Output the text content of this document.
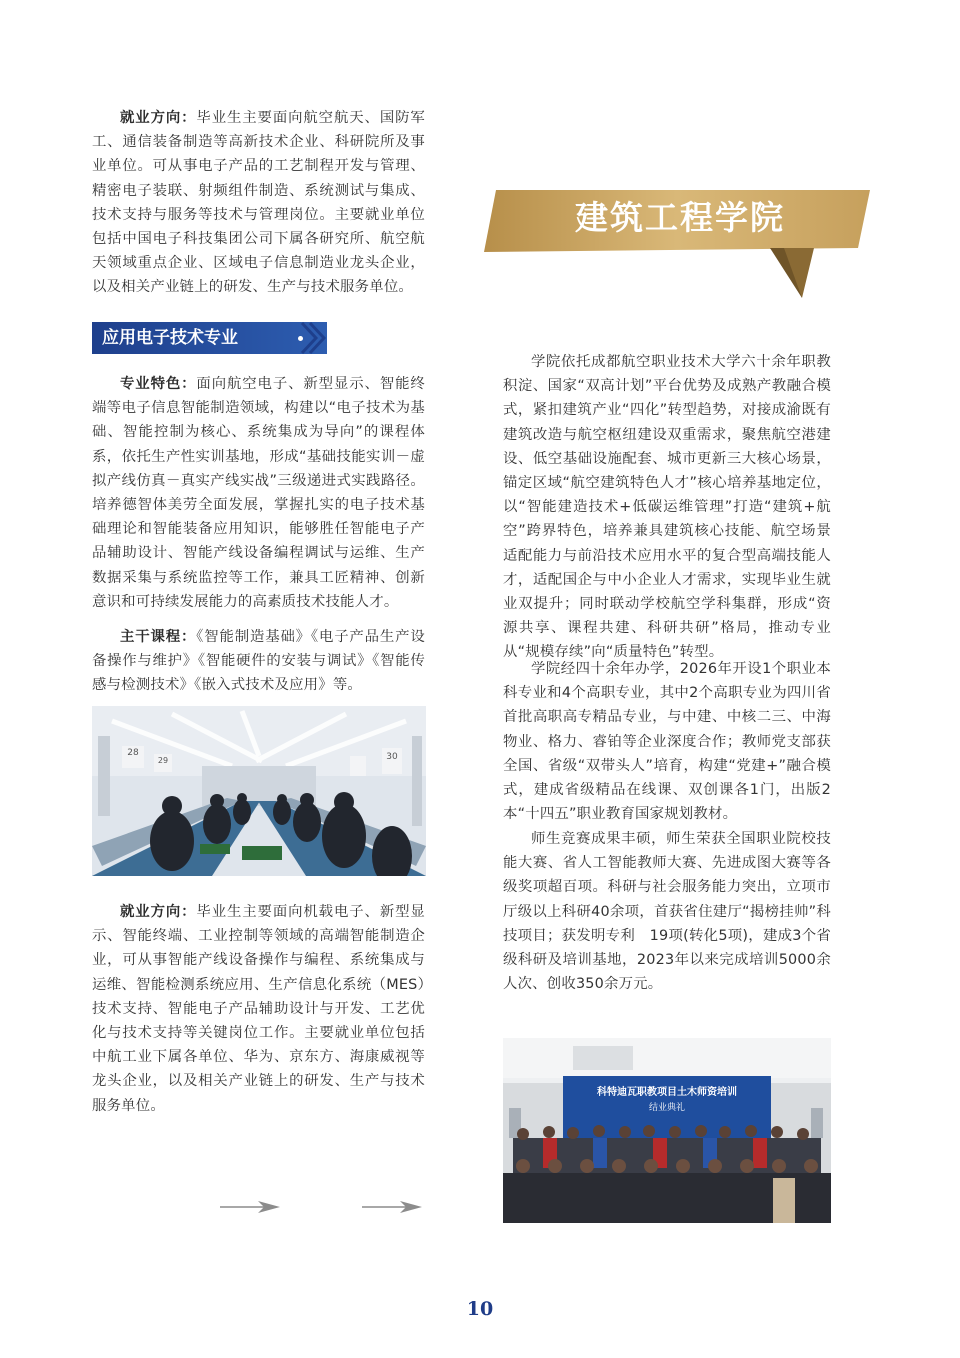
就业方向：毕业生主要面向航空航天、国防军工、通信装备制造等高新技术企业、科研院所及事业单位。可从事电子产品的工艺制程开发与管理、精密电子装联、射频组件制造、系统测试与集成、技术支持与服务等技术与管理岗位。主要就业单位包括中国电子科技集团公司下属各研究所、航空航天领域重点企业、区域电子信息制造业龙头企业，以及相关产业链上的研发、生产与技术服务单位。

应用电子技术专业

专业特色：面向航空电子、新型显示、智能终端等电子信息智能制造领域，构建以“电子技术为基础、智能控制为核心、系统集成为导向”的课程体系，依托生产性实训基地，形成“基础技能实训－虚拟产线仿真－真实产线实战”三级递进式实践路径。培养德智体美劳全面发展，掌握扎实的电子技术基础理论和智能装备应用知识，能够胜任智能电子产品辅助设计、智能产线设备编程调试与运维、生产数据采集与系统监控等工作，兼具工匠精神、创新意识和可持续发展能力的高素质技术技能人才。

主干课程：《智能制造基础》《电子产品生产设备操作与维护》《智能硬件的安装与调试》《智能传感与检测技术》《嵌入式技术及应用》等。

28
29	30

就业方向：毕业生主要面向机载电子、新型显示、智能终端、工业控制等领域的高端智能制造企业，可从事智能产线设备操作与编程、系统集成与运维、智能检测系统应用、生产信息化系统（MES）技术支持、智能电子产品辅助设计与开发、工艺优化与技术支持等关键岗位工作。主要就业单位包括中航工业下属各单位、华为、京东方、海康威视等龙头企业，以及相关产业链上的研发、生产与技术服务单位。

建筑工程学院

学院依托成都航空职业技术大学六十余年职教积淀、国家“双高计划”平台优势及成熟产教融合模式，紧扣建筑产业“四化”转型趋势，对接成渝既有建筑改造与航空枢纽建设双重需求，聚焦航空港建设、低空基础设施配套、城市更新三大核心场景，锚定区域“航空建筑特色人才”核心培养基地定位，以“智能建造技术+低碳运维管理”打造“建筑+航空”跨界特色，培养兼具建筑核心技能、航空场景适配能力与前沿技术应用水平的复合型高端技能人才，适配国企与中小企业人才需求，实现毕业生就业双提升；同时联动学校航空学科集群，形成“资源共享、课程共建、科研共研”格局，推动专业从“规模存续”向“质量特色”转型。

学院经四十余年办学，2026年开设1个职业本科专业和4个高职专业，其中2个高职专业为四川省首批高职高专精品专业，与中建、中核二三、中海物业、格力、睿铂等企业深度合作；教师党支部获全国、省级“双带头人”培育，构建“党建+”融合模式，建成省级精品在线课、双创课各1门，出版2本“十四五”职业教育国家规划教材。

师生竞赛成果丰硕，师生荣获全国职业院校技能大赛、省人工智能教师大赛、先进成图大赛等各级奖项超百项。科研与社会服务能力突出，立项市厅级以上科研40余项，首获省住建厅“揭榜挂帅”科技项目；获发明专利　19项(转化5项)，建成3个省级科研及培训基地，2023年以来完成培训5000余人次、创收350余万元。

科特迪瓦职教项目土木师资培训
结业典礼
10
